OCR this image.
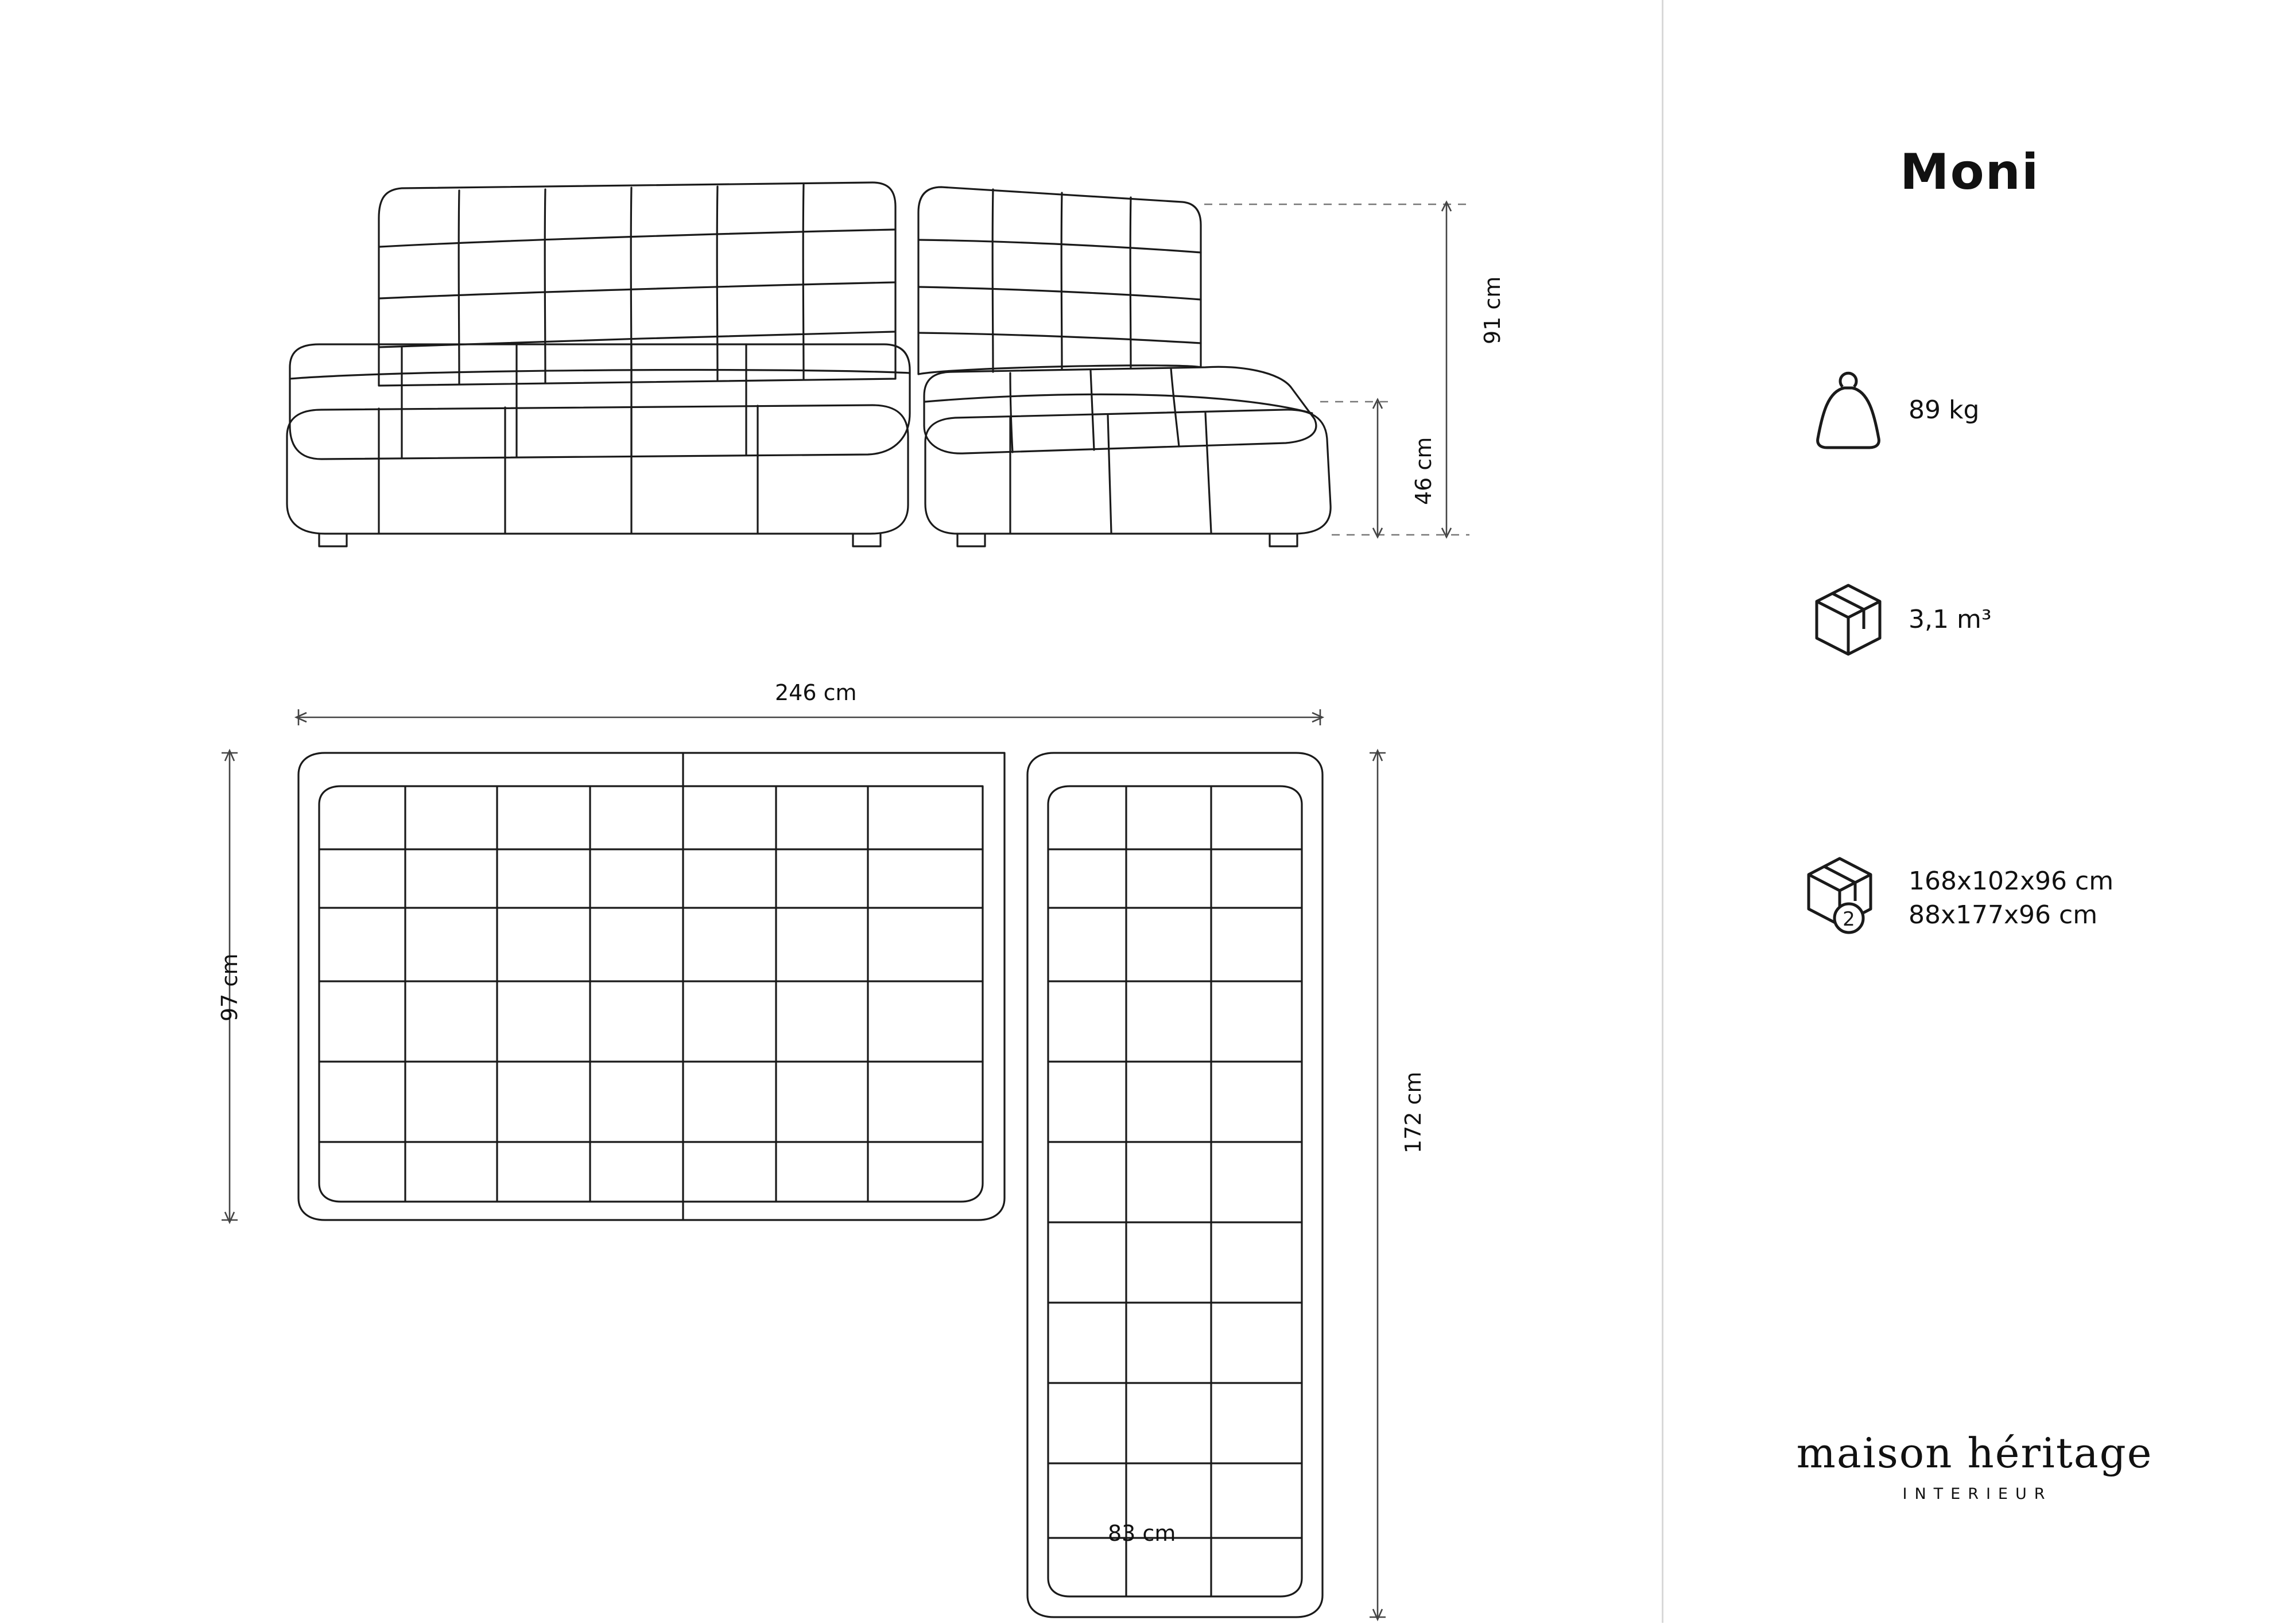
91 cm
46 cm
246 cm
97 cm
172 cm
83 cm
Moni
89 kg
3,1 m³
2
168x102x96 cm
88x177x96 cm
maison héritage
INTERIEUR
